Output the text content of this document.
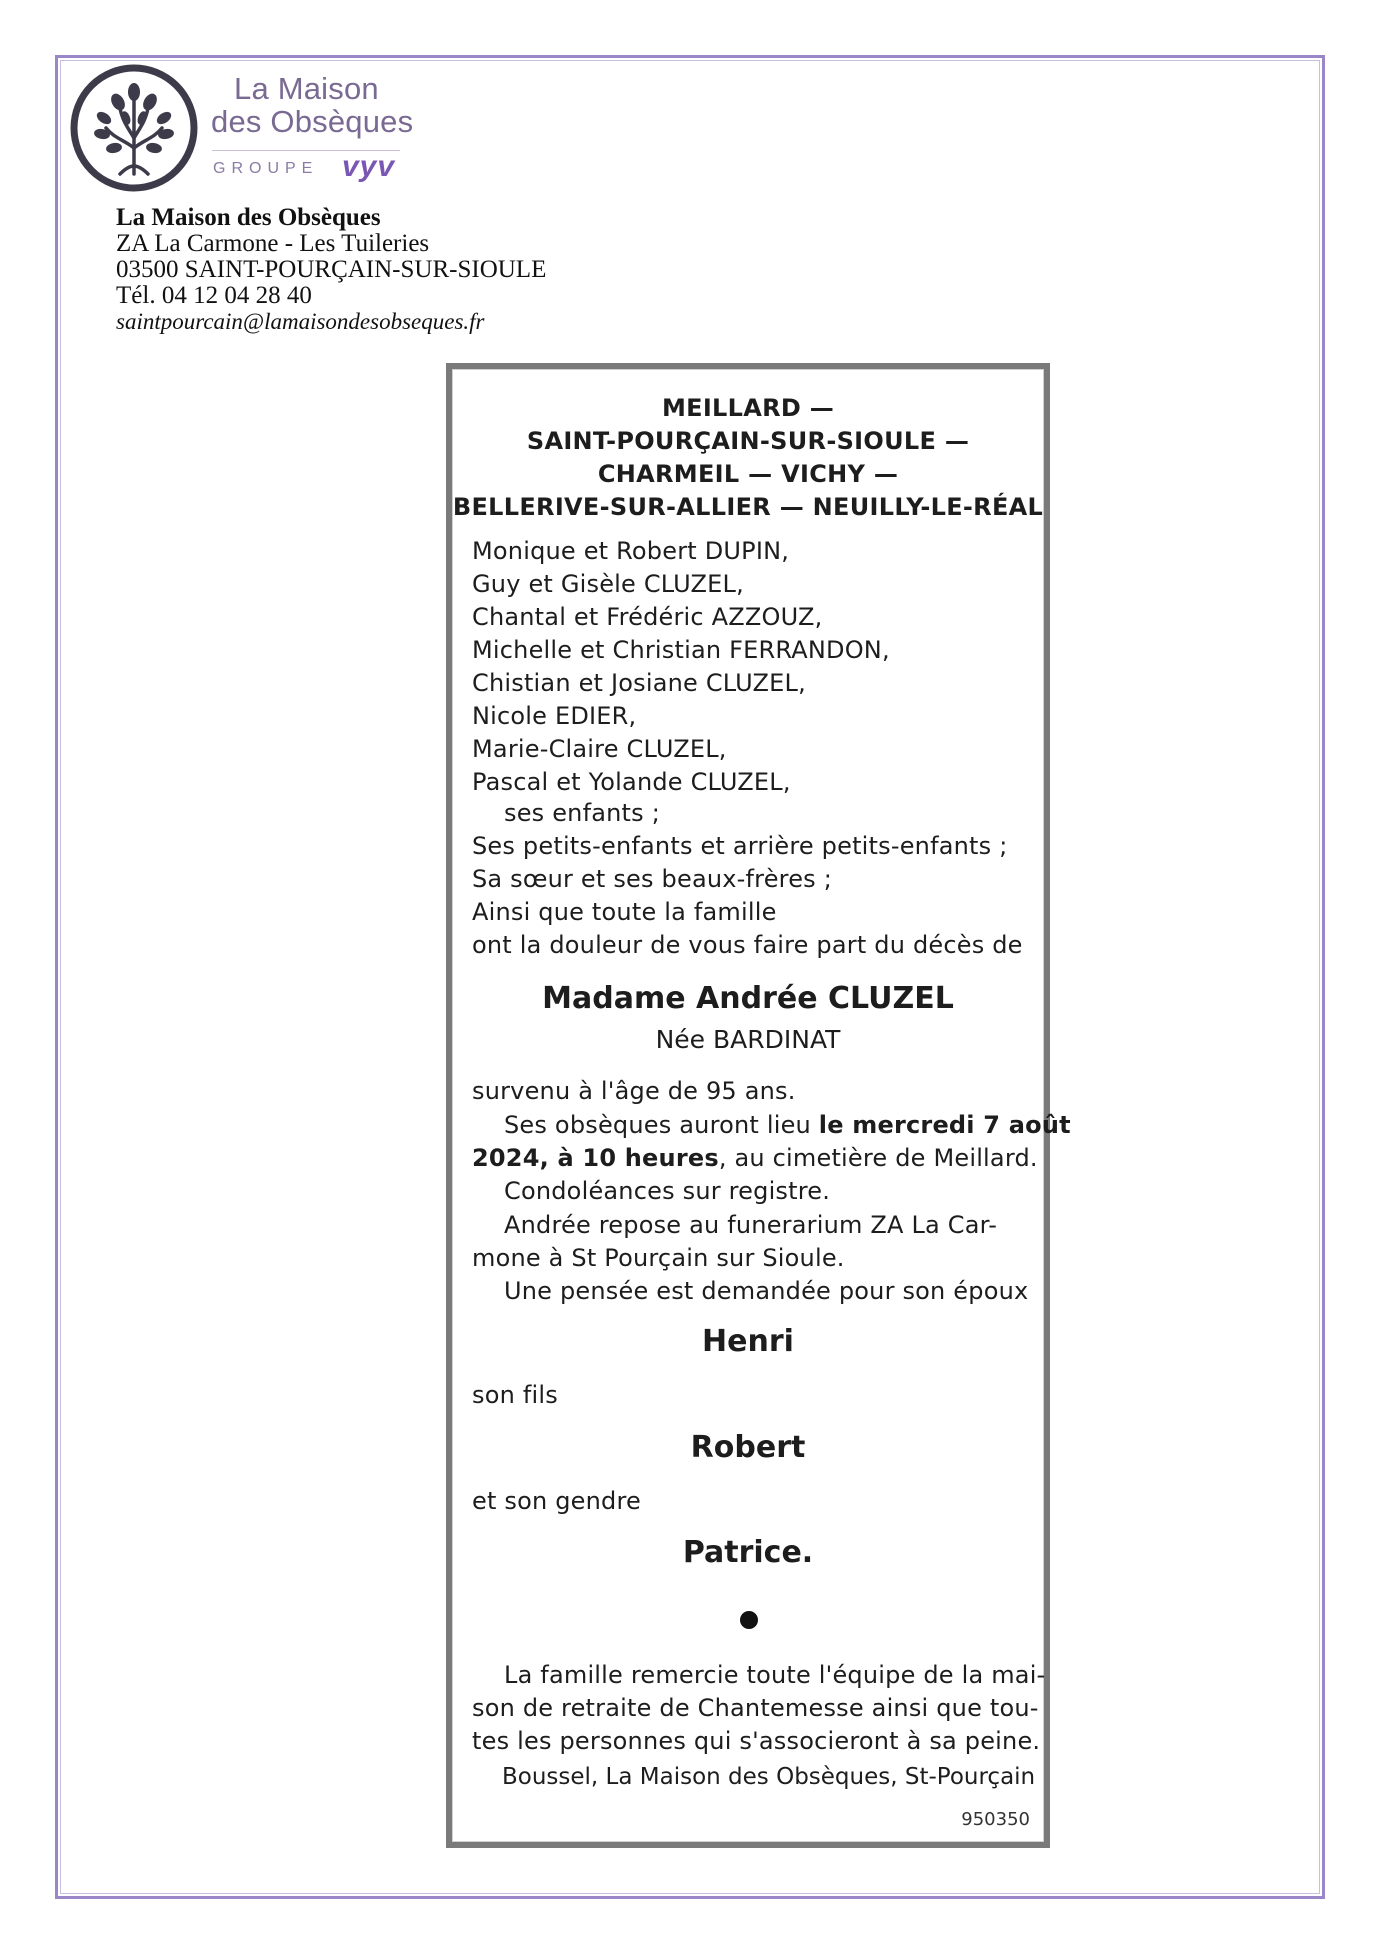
La Maison
des Obsèques
GROUPE vyv
La Maison des Obsèques
ZA La Carmone - Les Tuileries
03500 SAINT-POURÇAIN-SUR-SIOULE
Tél. 04 12 04 28 40
saintpourcain@lamaisondesobseques.fr
MEILLARD —
SAINT-POURÇAIN-SUR-SIOULE —
CHARMEIL — VICHY —
BELLERIVE-SUR-ALLIER — NEUILLY-LE-RÉAL
Monique et Robert DUPIN,
Guy et Gisèle CLUZEL,
Chantal et Frédéric AZZOUZ,
Michelle et Christian FERRANDON,
Chistian et Josiane CLUZEL,
Nicole EDIER,
Marie-Claire CLUZEL,
Pascal et Yolande CLUZEL,
ses enfants ;
Ses petits-enfants et arrière petits-enfants ;
Sa sœur et ses beaux-frères ;
Ainsi que toute la famille
ont la douleur de vous faire part du décès de
Madame Andrée CLUZEL
Née BARDINAT
survenu à l'âge de 95 ans.
Ses obsèques auront lieu le mercredi 7 août
2024, à 10 heures, au cimetière de Meillard.
Condoléances sur registre.
Andrée repose au funerarium ZA La Car-
mone à St Pourçain sur Sioule.
Une pensée est demandée pour son époux
Henri
son fils
Robert
et son gendre
Patrice.
La famille remercie toute l'équipe de la mai-
son de retraite de Chantemesse ainsi que tou-
tes les personnes qui s'associeront à sa peine.
Boussel, La Maison des Obsèques, St-Pourçain
950350
